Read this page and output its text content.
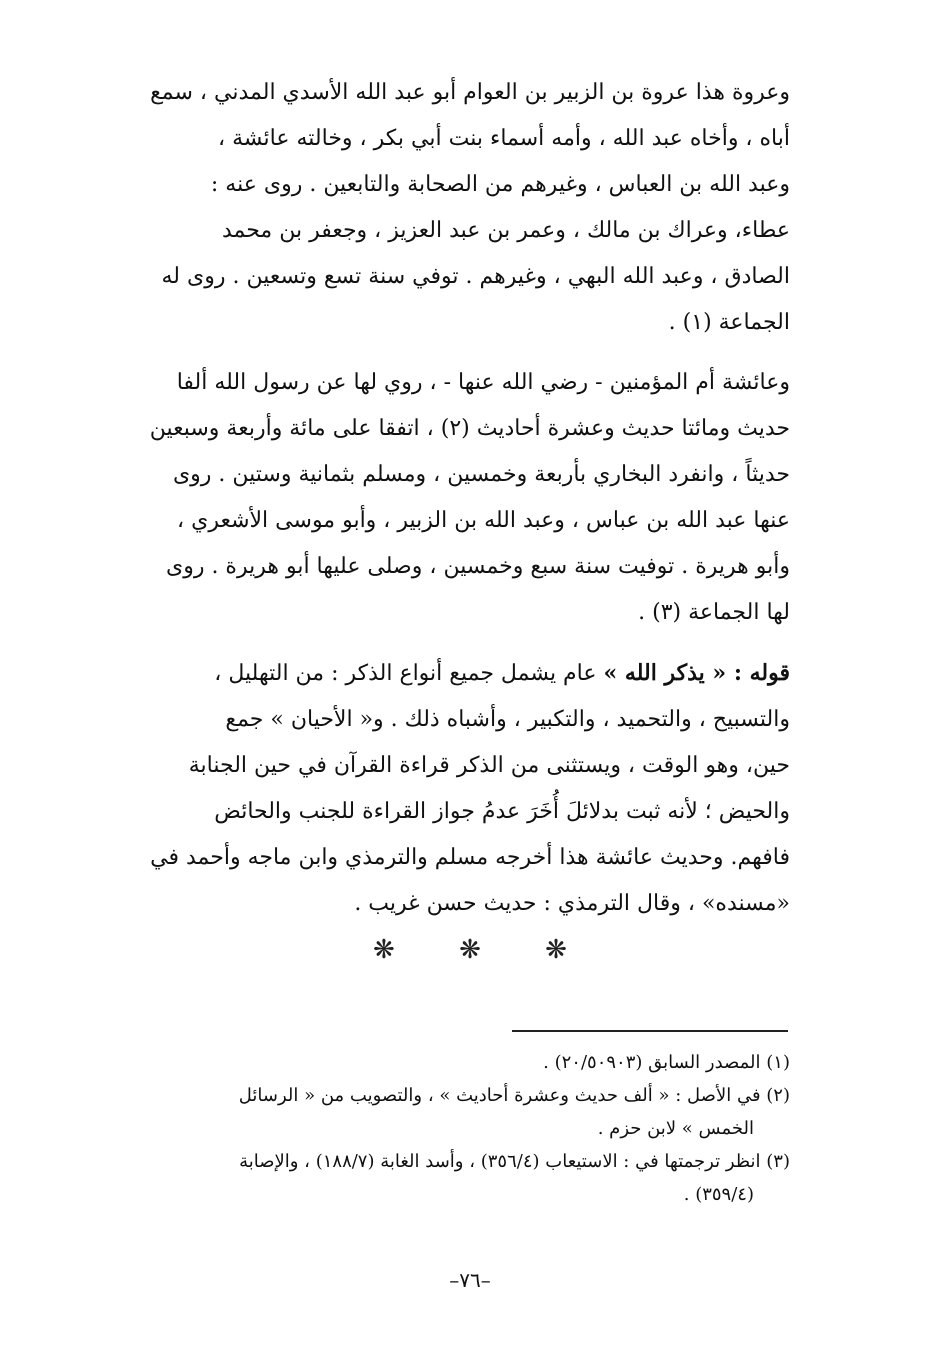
وعروة هذا عروة بن الزبير بن العوام أبو عبد الله الأسدي المدني ، سمع
أباه ، وأخاه عبد الله ، وأمه أسماء بنت أبي بكر ، وخالته عائشة ،
وعبد الله بن العباس ، وغيرهم من الصحابة والتابعين . روى عنه :
عطاء، وعراك بن مالك ، وعمر بن عبد العزيز ، وجعفر بن محمد
الصادق ، وعبد الله البهي ، وغيرهم . توفي سنة تسع وتسعين . روى له
الجماعة (١) .

وعائشة أم المؤمنين - رضي الله عنها - ، روي لها عن رسول الله ألفا
حديث ومائتا حديث وعشرة أحاديث (٢) ، اتفقا على مائة وأربعة وسبعين
حديثاً ، وانفرد البخاري بأربعة وخمسين ، ومسلم بثمانية وستين . روى
عنها عبد الله بن عباس ، وعبد الله بن الزبير ، وأبو موسى الأشعري ،
وأبو هريرة . توفيت سنة سبع وخمسين ، وصلى عليها أبو هريرة . روى
لها الجماعة (٣) .

قوله : « يذكر الله » عام يشمل جميع أنواع الذكر : من التهليل ،
والتسبيح ، والتحميد ، والتكبير ، وأشباه ذلك . و« الأحيان » جمع
حين، وهو الوقت ، ويستثنى من الذكر قراءة القرآن في حين الجنابة
والحيض ؛ لأنه ثبت بدلائلَ أُخَرَ عدمُ جواز القراءة للجنب والحائض
فافهم. وحديث عائشة هذا أخرجه مسلم والترمذي وابن ماجه وأحمد في
«مسنده» ، وقال الترمذي : حديث حسن غريب .

❋ ❋ ❋

(١) المصدر السابق (٢٠/٥٠٩٠٣) .

(٢) في الأصل : « ألف حديث وعشرة أحاديث » ، والتصويب من « الرسائل
الخمس » لابن حزم .

(٣) انظر ترجمتها في : الاستيعاب (٣٥٦/٤) ، وأسد الغابة (١٨٨/٧) ، والإصابة
(٣٥٩/٤) .

–٧٦–
